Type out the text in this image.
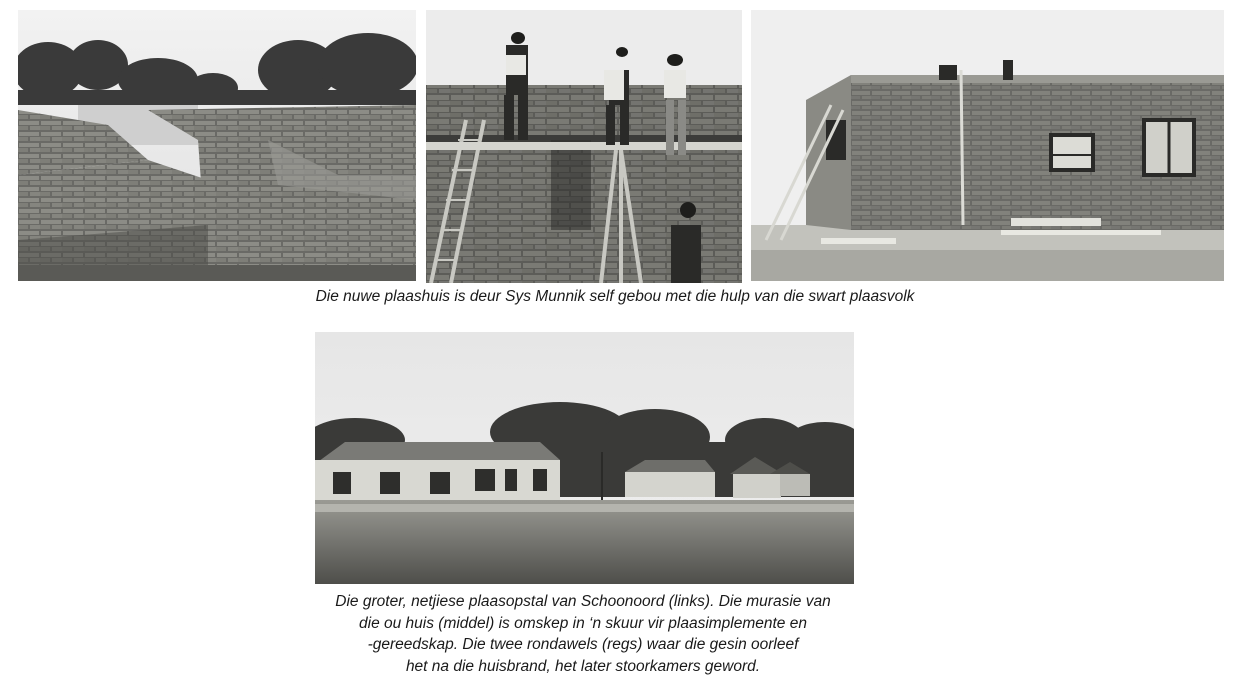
Die nuwe plaashuis is deur Sys Munnik self gebou met die hulp van die swart plaasvolk
Die groter, netjiese plaasopstal van Schoonoord (links). Die murasie van
die ou huis (middel) is omskep in ‘n skuur vir plaasimplemente en
-gereedskap. Die twee rondawels (regs) waar die gesin oorleef
het na die huisbrand, het later stoorkamers geword.
